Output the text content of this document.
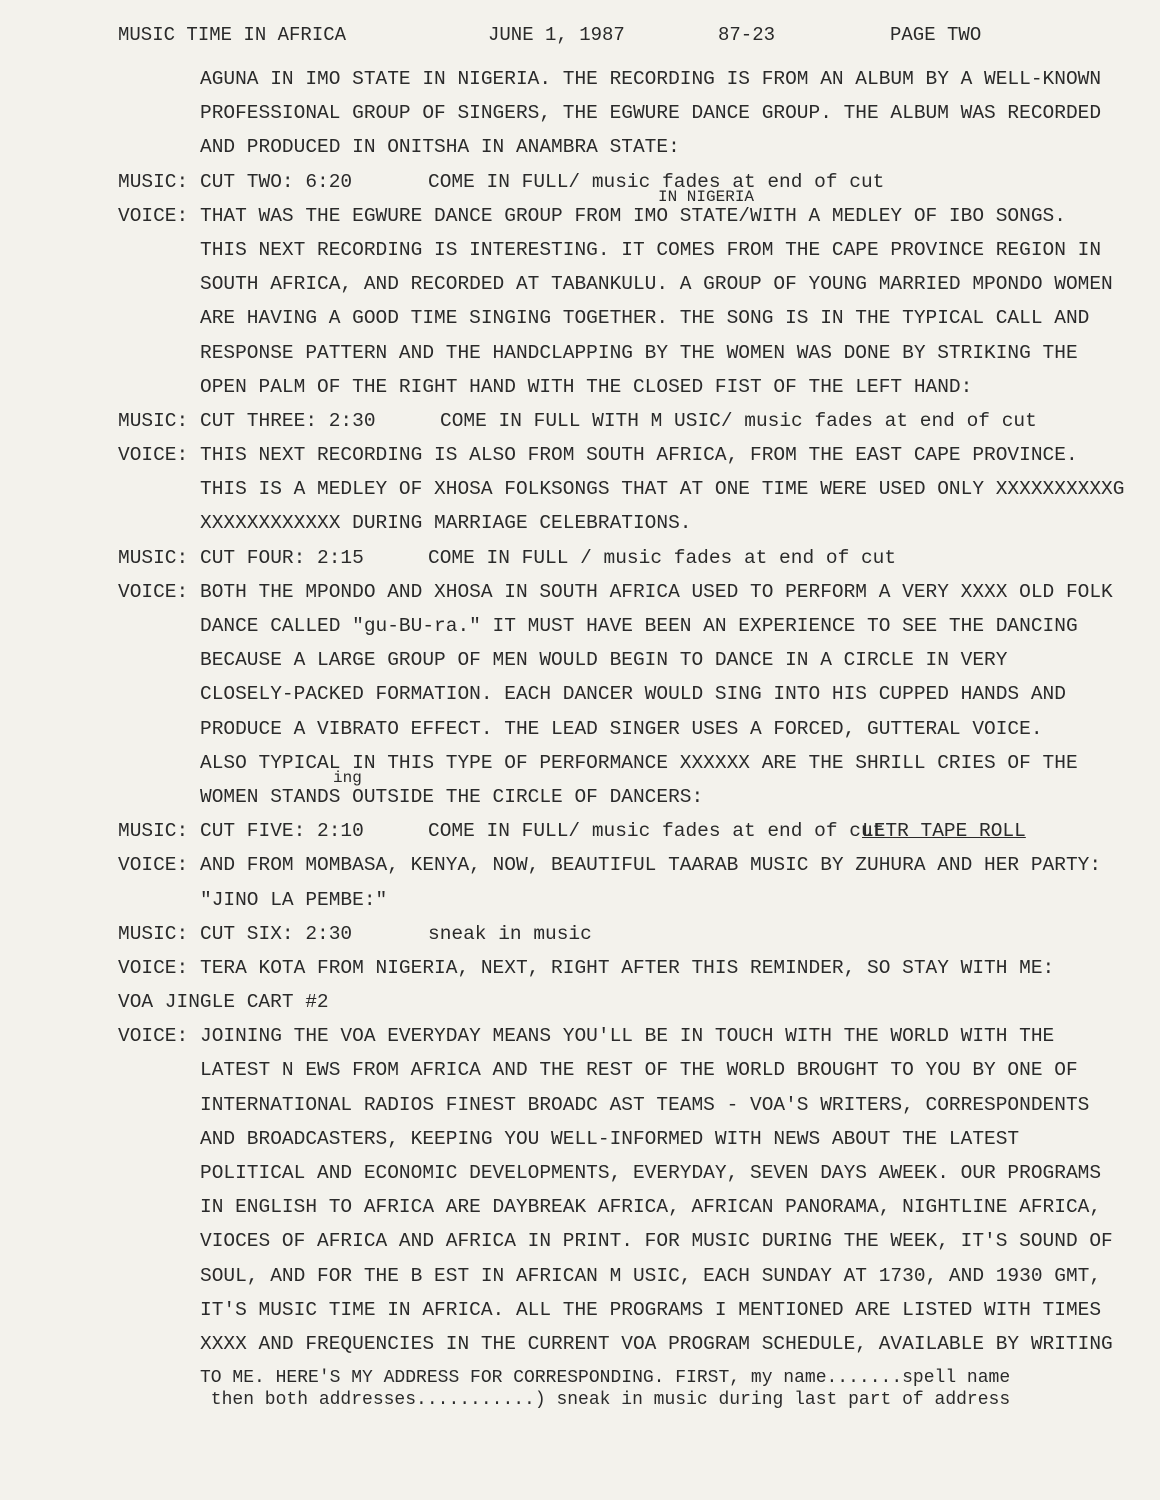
MUSIC TIME IN AFRICA	JUNE 1, 1987	87-23	PAGE TWO
AGUNA IN IMO STATE IN NIGERIA. THE RECORDING IS FROM AN ALBUM BY A WELL-KNOWN
PROFESSIONAL GROUP OF SINGERS, THE EGWURE DANCE GROUP. THE ALBUM WAS RECORDED
AND PRODUCED IN ONITSHA IN ANAMBRA STATE:
MUSIC: CUT TWO: 6:20	COME IN FULL/ music fades at end of cut
VOICE: THAT WAS THE EGWURE DANCE GROUP FROM IMO STATE/WITH A MEDLEY OF IBO SONGS.
IN NIGERIA
THIS NEXT RECORDING IS INTERESTING. IT COMES FROM THE CAPE PROVINCE REGION IN
SOUTH AFRICA, AND RECORDED AT TABANKULU. A GROUP OF YOUNG MARRIED MPONDO WOMEN
ARE HAVING A GOOD TIME SINGING TOGETHER. THE SONG IS IN THE TYPICAL CALL AND
RESPONSE PATTERN AND THE HANDCLAPPING BY THE WOMEN WAS DONE BY STRIKING THE
OPEN PALM OF THE RIGHT HAND WITH THE CLOSED FIST OF THE LEFT HAND:
MUSIC: CUT THREE: 2:30	COME IN FULL WITH M USIC/ music fades at end of cut
VOICE: THIS NEXT RECORDING IS ALSO FROM SOUTH AFRICA, FROM THE EAST CAPE PROVINCE.
THIS IS A MEDLEY OF XHOSA FOLKSONGS THAT AT ONE TIME WERE USED ONLY XXXXXXXXXXG
XXXXXXXXXXXX DURING MARRIAGE CELEBRATIONS.
MUSIC: CUT FOUR: 2:15	COME IN FULL / music fades at end of cut
VOICE: BOTH THE MPONDO AND XHOSA IN SOUTH AFRICA USED TO PERFORM A VERY XXXX OLD FOLK
DANCE CALLED "gu-BU-ra." IT MUST HAVE BEEN AN EXPERIENCE TO SEE THE DANCING
BECAUSE A LARGE GROUP OF MEN WOULD BEGIN TO DANCE IN A CIRCLE IN VERY
CLOSELY-PACKED FORMATION. EACH DANCER WOULD SING INTO HIS CUPPED HANDS AND
PRODUCE A VIBRATO EFFECT. THE LEAD SINGER USES A FORCED, GUTTERAL VOICE.
ALSO TYPICAL IN THIS TYPE OF PERFORMANCE XXXXXX ARE THE SHRILL CRIES OF THE
WOMEN STANDS OUTSIDE THE CIRCLE OF DANCERS:
ing
MUSIC: CUT FIVE: 2:10	COME IN FULL/ music fades at end of cut
LETR TAPE ROLL
VOICE: AND FROM MOMBASA, KENYA, NOW, BEAUTIFUL TAARAB MUSIC BY ZUHURA AND HER PARTY:
"JINO LA PEMBE:"
MUSIC: CUT SIX: 2:30	sneak in music
VOICE: TERA KOTA FROM NIGERIA, NEXT, RIGHT AFTER THIS REMINDER, SO STAY WITH ME:
VOA JINGLE CART #2
VOICE: JOINING THE VOA EVERYDAY MEANS YOU'LL BE IN TOUCH WITH THE WORLD WITH THE
LATEST N EWS FROM AFRICA AND THE REST OF THE WORLD BROUGHT TO YOU BY ONE OF
INTERNATIONAL RADIOS FINEST BROADC AST TEAMS - VOA'S WRITERS, CORRESPONDENTS
AND BROADCASTERS, KEEPING YOU WELL-INFORMED WITH NEWS ABOUT THE LATEST
POLITICAL AND ECONOMIC DEVELOPMENTS, EVERYDAY, SEVEN DAYS AWEEK. OUR PROGRAMS
IN ENGLISH TO AFRICA ARE DAYBREAK AFRICA, AFRICAN PANORAMA, NIGHTLINE AFRICA,
VIOCES OF AFRICA AND AFRICA IN PRINT. FOR MUSIC DURING THE WEEK, IT'S SOUND OF
SOUL, AND FOR THE B EST IN AFRICAN M USIC, EACH SUNDAY AT 1730, AND 1930 GMT,
IT'S MUSIC TIME IN AFRICA. ALL THE PROGRAMS I MENTIONED ARE LISTED WITH TIMES
XXXX AND FREQUENCIES IN THE CURRENT VOA PROGRAM SCHEDULE, AVAILABLE BY WRITING
TO ME. HERE'S MY ADDRESS FOR CORRESPONDING. FIRST, my name.......spell name
then both addresses...........) sneak in music during last part of address
